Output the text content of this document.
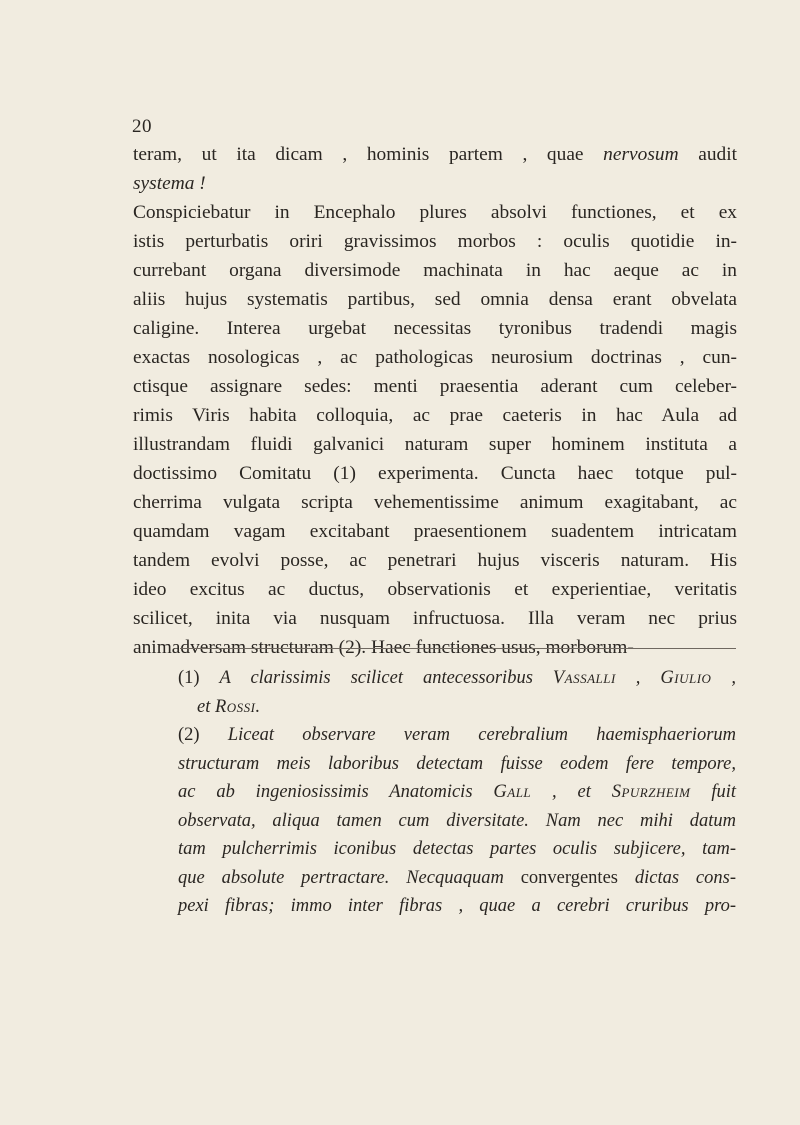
20
teram, ut ita dicam , hominis partem , quae nervosum audit
systema !
Conspiciebatur in Encephalo plures absolvi functiones, et ex
istis perturbatis oriri gravissimos morbos : oculis quotidie in-
currebant organa diversimode machinata in hac aeque ac in
aliis hujus systematis partibus, sed omnia densa erant obvelata
caligine. Interea urgebat necessitas tyronibus tradendi magis
exactas nosologicas , ac pathologicas neurosium doctrinas , cun-
ctisque assignare sedes: menti praesentia aderant cum celeber-
rimis Viris habita colloquia, ac prae caeteris in hac Aula ad
illustrandam fluidi galvanici naturam super hominem instituta a
doctissimo Comitatu (1) experimenta. Cuncta haec totque pul-
cherrima vulgata scripta vehementissime animum exagitabant, ac
quamdam vagam excitabant praesentionem suadentem intricatam
tandem evolvi posse, ac penetrari hujus visceris naturam. His
ideo excitus ac ductus, observationis et experientiae, veritatis
scilicet, inita via nusquam infructuosa. Illa veram nec prius
animadversam structuram (2). Haec functiones usus, morborum-
(1) A clarissimis scilicet antecessoribus Vassalli , Giulio ,
et Rossi.
(2) Liceat observare veram cerebralium haemisphaeriorum
structuram meis laboribus detectam fuisse eodem fere tempore,
ac ab ingeniosissimis Anatomicis Gall , et Spurzheim fuit
observata, aliqua tamen cum diversitate. Nam nec mihi datum
tam pulcherrimis iconibus detectas partes oculis subjicere, tam-
que absolute pertractare. Necquaquam convergentes dictas cons-
pexi fibras; immo inter fibras , quae a cerebri cruribus pro-
